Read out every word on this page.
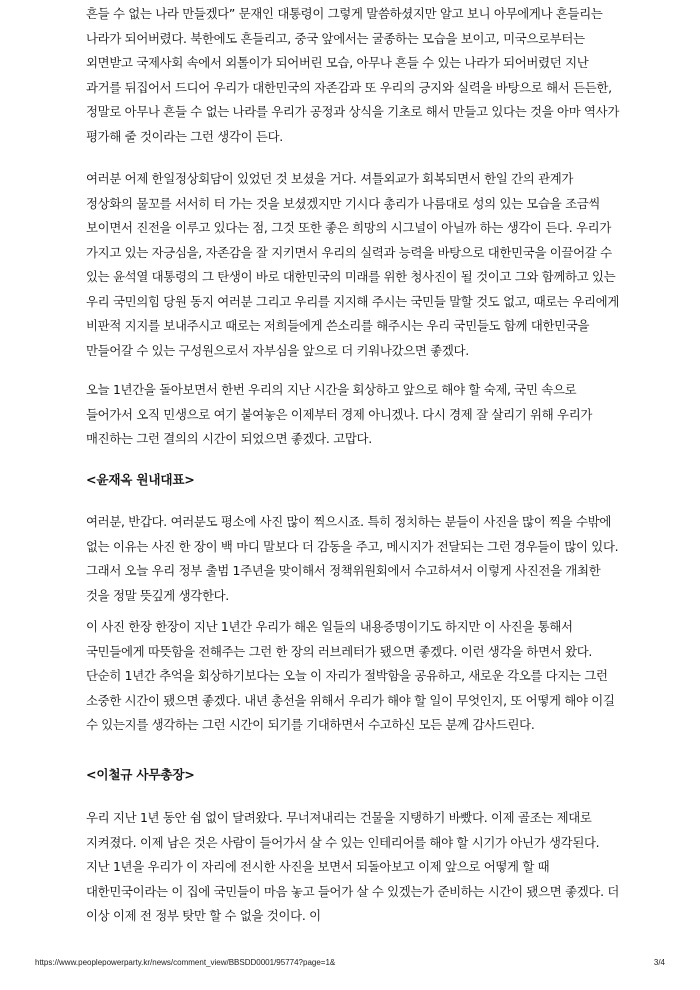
흔들 수 없는 나라 만들겠다” 문재인 대통령이 그렇게 말씀하셨지만 알고 보니 아무에게나 흔들리는 나라가 되어버렸다. 북한에도 흔들리고, 중국 앞에서는 굴종하는 모습을 보이고, 미국으로부터는 외면받고 국제사회 속에서 외톨이가 되어버린 모습, 아무나 흔들 수 있는 나라가 되어버렸던 지난 과거를 뒤집어서 드디어 우리가 대한민국의 자존감과 또 우리의 긍지와 실력을 바탕으로 해서 든든한, 정말로 아무나 흔들 수 없는 나라를 우리가 공정과 상식을 기초로 해서 만들고 있다는 것을 아마 역사가 평가해 줄 것이라는 그런 생각이 든다.

여러분 어제 한일정상회담이 있었던 것 보셨을 거다. 셔틀외교가 회복되면서 한일 간의 관계가 정상화의 물꼬를 서서히 터 가는 것을 보셨겠지만 기시다 총리가 나름대로 성의 있는 모습을 조금씩 보이면서 진전을 이루고 있다는 점, 그것 또한 좋은 희망의 시그널이 아닐까 하는 생각이 든다. 우리가 가지고 있는 자긍심을, 자존감을 잘 지키면서 우리의 실력과 능력을 바탕으로 대한민국을 이끌어갈 수 있는 윤석열 대통령의 그 탄생이 바로 대한민국의 미래를 위한 청사진이 될 것이고 그와 함께하고 있는 우리 국민의힘 당원 동지 여러분 그리고 우리를 지지해 주시는 국민들 말할 것도 없고, 때로는 우리에게 비판적 지지를 보내주시고 때로는 저희들에게 쓴소리를 해주시는 우리 국민들도 함께 대한민국을 만들어갈 수 있는 구성원으로서 자부심을 앞으로 더 키워나갔으면 좋겠다.

오늘 1년간을 돌아보면서 한번 우리의 지난 시간을 회상하고 앞으로 해야 할 숙제, 국민 속으로 들어가서 오직 민생으로 여기 붙여놓은 이제부터 경제 아니겠나. 다시 경제 잘 살리기 위해 우리가 매진하는 그런 결의의 시간이 되었으면 좋겠다. 고맙다.

<윤재옥 원내대표>

여러분, 반갑다. 여러분도 평소에 사진 많이 찍으시죠. 특히 정치하는 분들이 사진을 많이 찍을 수밖에 없는 이유는 사진 한 장이 백 마디 말보다 더 감동을 주고, 메시지가 전달되는 그런 경우들이 많이 있다. 그래서 오늘 우리 정부 출범 1주년을 맞이해서 정책위원회에서 수고하셔서 이렇게 사진전을 개최한 것을 정말 뜻깊게 생각한다.

이 사진 한장 한장이 지난 1년간 우리가 해온 일들의 내용증명이기도 하지만 이 사진을 통해서 국민들에게 따뜻함을 전해주는 그런 한 장의 러브레터가 됐으면 좋겠다. 이런 생각을 하면서 왔다. 단순히 1년간 추억을 회상하기보다는 오늘 이 자리가 절박함을 공유하고, 새로운 각오를 다지는 그런 소중한 시간이 됐으면 좋겠다. 내년 총선을 위해서 우리가 해야 할 일이 무엇인지, 또 어떻게 해야 이길 수 있는지를 생각하는 그런 시간이 되기를 기대하면서 수고하신 모든 분께 감사드린다.

<이철규 사무총장>

우리 지난 1년 동안 쉼 없이 달려왔다. 무너져내리는 건물을 지탱하기 바빴다. 이제 골조는 제대로 지켜졌다. 이제 남은 것은 사람이 들어가서 살 수 있는 인테리어를 해야 할 시기가 아닌가 생각된다. 지난 1년을 우리가 이 자리에 전시한 사진을 보면서 되돌아보고 이제 앞으로 어떻게 할 때 대한민국이라는 이 집에 국민들이 마음 놓고 들어가 살 수 있겠는가 준비하는 시간이 됐으면 좋겠다. 더 이상 이제 전 정부 탓만 할 수 없을 것이다. 이

https://www.peoplepowerparty.kr/news/comment_view/BBSDD0001/95774?page=1&	3/4
